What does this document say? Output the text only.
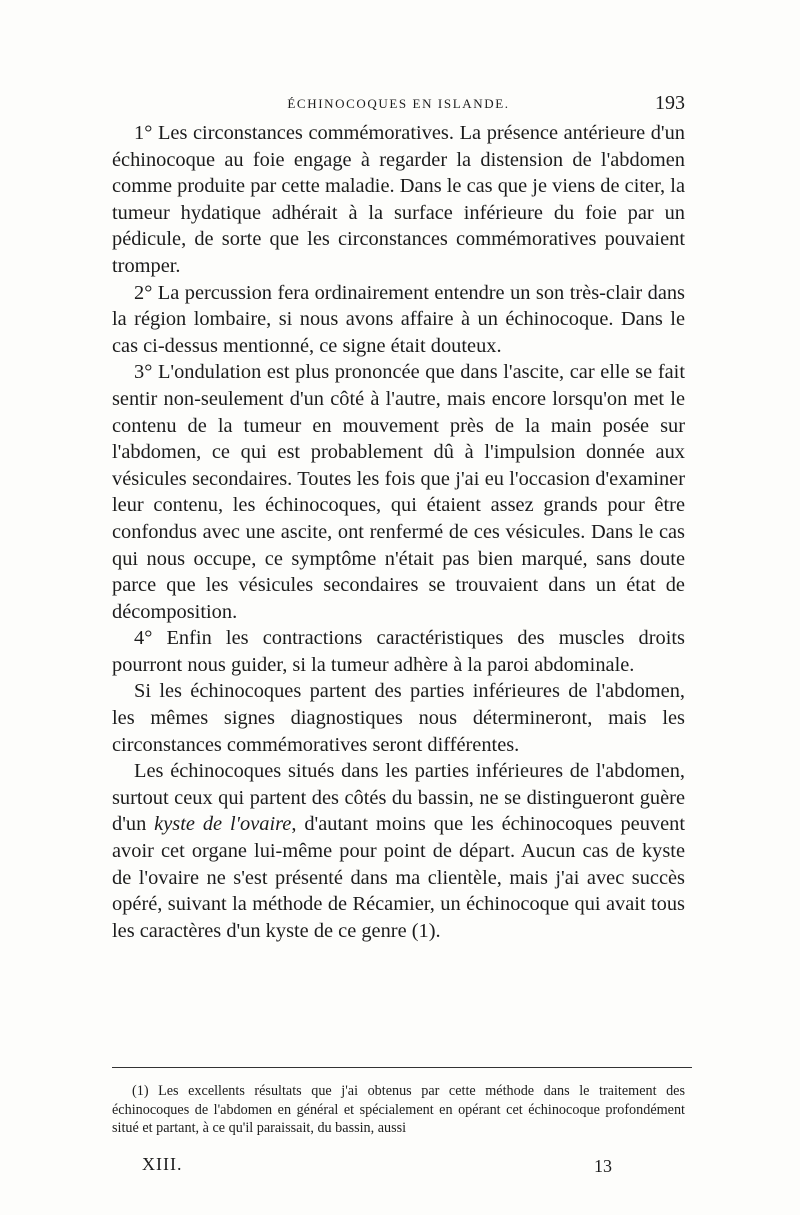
ÉCHINOCOQUES EN ISLANDE.	193

1° Les circonstances commémoratives. La présence antérieure d'un échinocoque au foie engage à regarder la distension de l'abdomen comme produite par cette maladie. Dans le cas que je viens de citer, la tumeur hydatique adhérait à la surface inférieure du foie par un pédicule, de sorte que les circonstances commémoratives pouvaient tromper.

2° La percussion fera ordinairement entendre un son très-clair dans la région lombaire, si nous avons affaire à un échinocoque. Dans le cas ci-dessus mentionné, ce signe était douteux.

3° L'ondulation est plus prononcée que dans l'ascite, car elle se fait sentir non-seulement d'un côté à l'autre, mais encore lorsqu'on met le contenu de la tumeur en mouvement près de la main posée sur l'abdomen, ce qui est probablement dû à l'impulsion donnée aux vésicules secondaires. Toutes les fois que j'ai eu l'occasion d'examiner leur contenu, les échinocoques, qui étaient assez grands pour être confondus avec une ascite, ont renfermé de ces vésicules. Dans le cas qui nous occupe, ce symptôme n'était pas bien marqué, sans doute parce que les vésicules secondaires se trouvaient dans un état de décomposition.

4° Enfin les contractions caractéristiques des muscles droits pourront nous guider, si la tumeur adhère à la paroi abdominale.

Si les échinocoques partent des parties inférieures de l'abdomen, les mêmes signes diagnostiques nous détermineront, mais les circonstances commémoratives seront différentes.

Les échinocoques situés dans les parties inférieures de l'abdomen, surtout ceux qui partent des côtés du bassin, ne se distingueront guère d'un kyste de l'ovaire, d'autant moins que les échinocoques peuvent avoir cet organe lui-même pour point de départ. Aucun cas de kyste de l'ovaire ne s'est présenté dans ma clientèle, mais j'ai avec succès opéré, suivant la méthode de Récamier, un échinocoque qui avait tous les caractères d'un kyste de ce genre (1).

(1) Les excellents résultats que j'ai obtenus par cette méthode dans le traitement des échinocoques de l'abdomen en général et spécialement en opérant cet échinocoque profondément situé et partant, à ce qu'il paraissait, du bassin, aussi

XIII.	13
